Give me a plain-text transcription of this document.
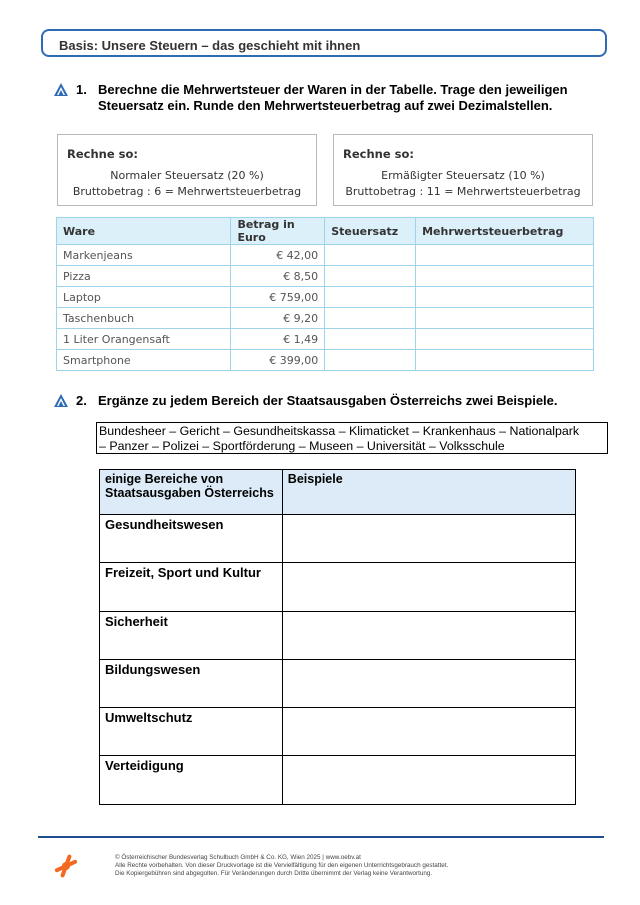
Basis: Unsere Steuern – das geschieht mit ihnen
1. Berechne die Mehrwertsteuer der Waren in der Tabelle. Trage den jeweiligen Steuersatz ein. Runde den Mehrwertsteuerbetrag auf zwei Dezimalstellen.
Rechne so:
Normaler Steuersatz (20 %)
Bruttobetrag : 6 = Mehrwertsteuerbetrag
Rechne so:
Ermäßigter Steuersatz (10 %)
Bruttobetrag : 11 = Mehrwertsteuerbetrag
Ware	Betrag in Euro	Steuersatz	Mehrwertsteuerbetrag
Markenjeans	€ 42,00		
Pizza	€ 8,50		
Laptop	€ 759,00		
Taschenbuch	€ 9,20		
1 Liter Orangensaft	€ 1,49		
Smartphone	€ 399,00		
2. Ergänze zu jedem Bereich der Staatsausgaben Österreichs zwei Beispiele.
Bundesheer – Gericht – Gesundheitskassa – Klimaticket – Krankenhaus – Nationalpark
– Panzer – Polizei – Sportförderung – Museen – Universität – Volksschule
einige Bereiche von Staatsausgaben Österreichs	Beispiele
Gesundheitswesen	
Freizeit, Sport und Kultur	
Sicherheit	
Bildungswesen	
Umweltschutz	
Verteidigung	
© Österreichischer Bundesverlag Schulbuch GmbH & Co. KG, Wien 2025 | www.oebv.at
Alle Rechte vorbehalten. Von dieser Druckvorlage ist die Vervielfältigung für den eigenen Unterrichtsgebrauch gestattet.
Die Kopiergebühren sind abgegolten. Für Veränderungen durch Dritte übernimmt der Verlag keine Verantwortung.
